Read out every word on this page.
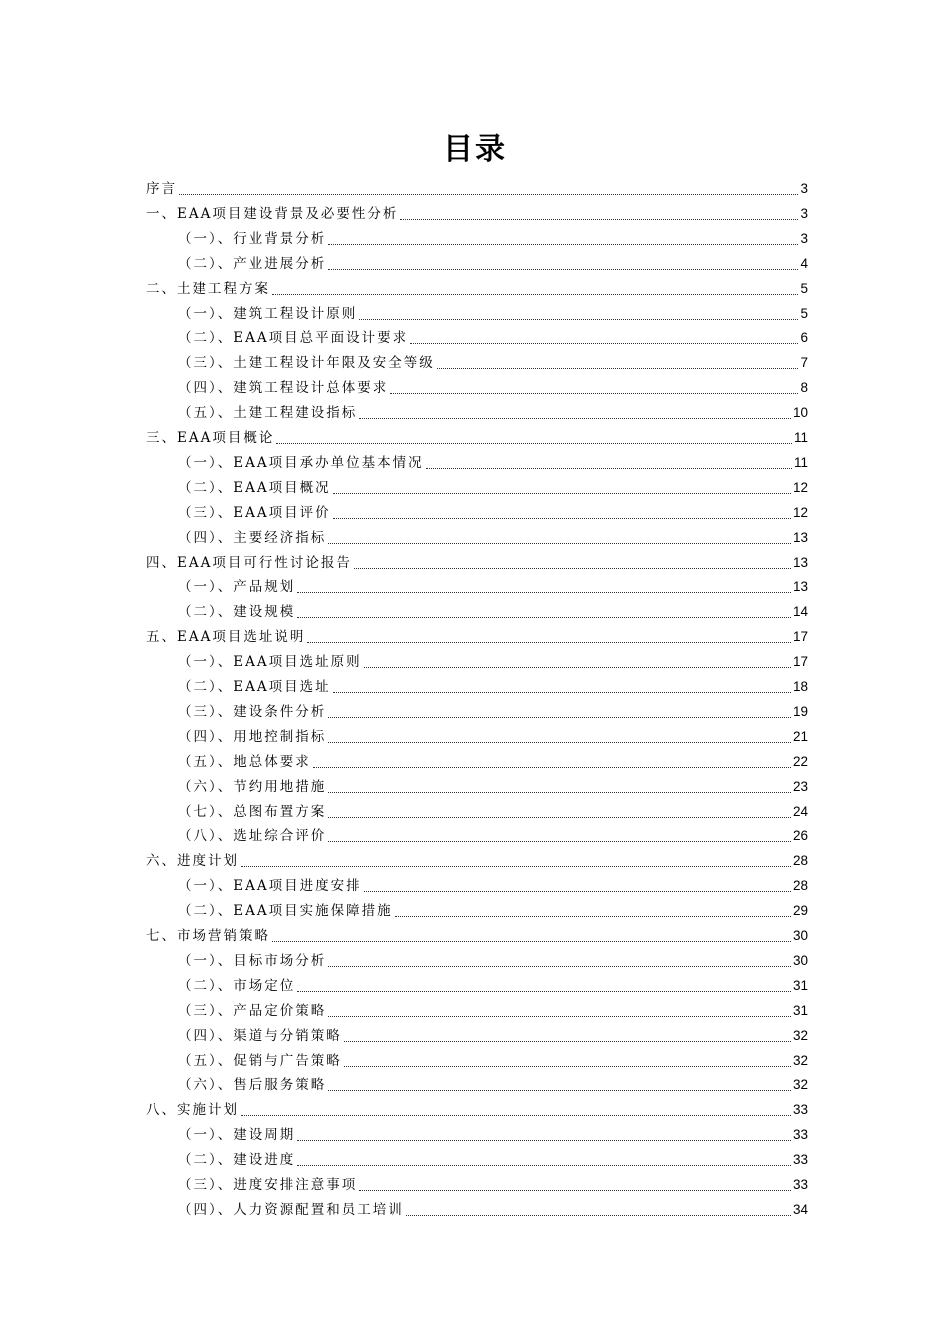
目录
序言	3
一、EAA项目建设背景及必要性分析	3
（一）、行业背景分析	3
（二）、产业进展分析	4
二、土建工程方案	5
（一）、建筑工程设计原则	5
（二）、EAA项目总平面设计要求	6
（三）、土建工程设计年限及安全等级	7
（四）、建筑工程设计总体要求	8
（五）、土建工程建设指标	10
三、EAA项目概论	11
（一）、EAA项目承办单位基本情况	11
（二）、EAA项目概况	12
（三）、EAA项目评价	12
（四）、主要经济指标	13
四、EAA项目可行性讨论报告	13
（一）、产品规划	13
（二）、建设规模	14
五、EAA项目选址说明	17
（一）、EAA项目选址原则	17
（二）、EAA项目选址	18
（三）、建设条件分析	19
（四）、用地控制指标	21
（五）、地总体要求	22
（六）、节约用地措施	23
（七）、总图布置方案	24
（八）、选址综合评价	26
六、进度计划	28
（一）、EAA项目进度安排	28
（二）、EAA项目实施保障措施	29
七、市场营销策略	30
（一）、目标市场分析	30
（二）、市场定位	31
（三）、产品定价策略	31
（四）、渠道与分销策略	32
（五）、促销与广告策略	32
（六）、售后服务策略	32
八、实施计划	33
（一）、建设周期	33
（二）、建设进度	33
（三）、进度安排注意事项	33
（四）、人力资源配置和员工培训	34
